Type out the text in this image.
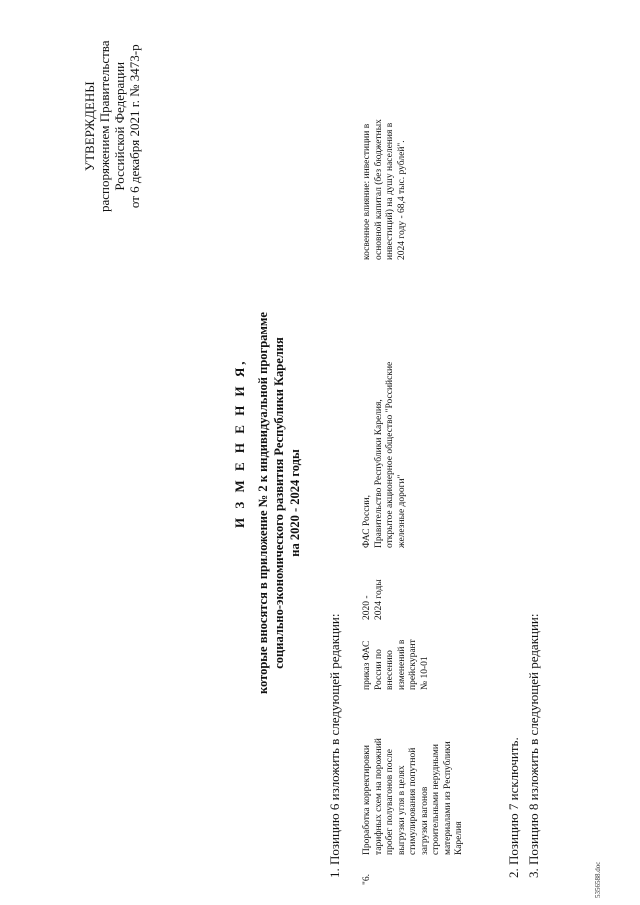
УТВЕРЖДЕНЫ распоряжением Правительства Российской Федерации от 6 декабря 2021 г. № 3473-р
И З М Е Н Е Н И Я, которые вносятся в приложение № 2 к индивидуальной программе социально-экономического развития Республики Карелия на 2020 - 2024 годы
1. Позицию 6 изложить в следующей редакции:
"6.
Проработка корректировки тарифных схем на порожний пробег полувагонов после выгрузки угля в целях стимулирования попутной загрузки вагонов строительными нерудными материалами из Республики Карелия
приказ ФАС России по внесению изменений в прейскурант № 10-01
2020 - 2024 годы
ФАС России, Правительство Республики Карелия, открытое акционерное общество "Российские железные дороги"
косвенное влияние: инвестиции в основной капитал (без бюджетных инвестиций) на душу населения в 2024 году - 68,4 тыс. рублей".
2. Позицию 7 исключить. 3. Позицию 8 изложить в следующей редакции:
5356588.doc
